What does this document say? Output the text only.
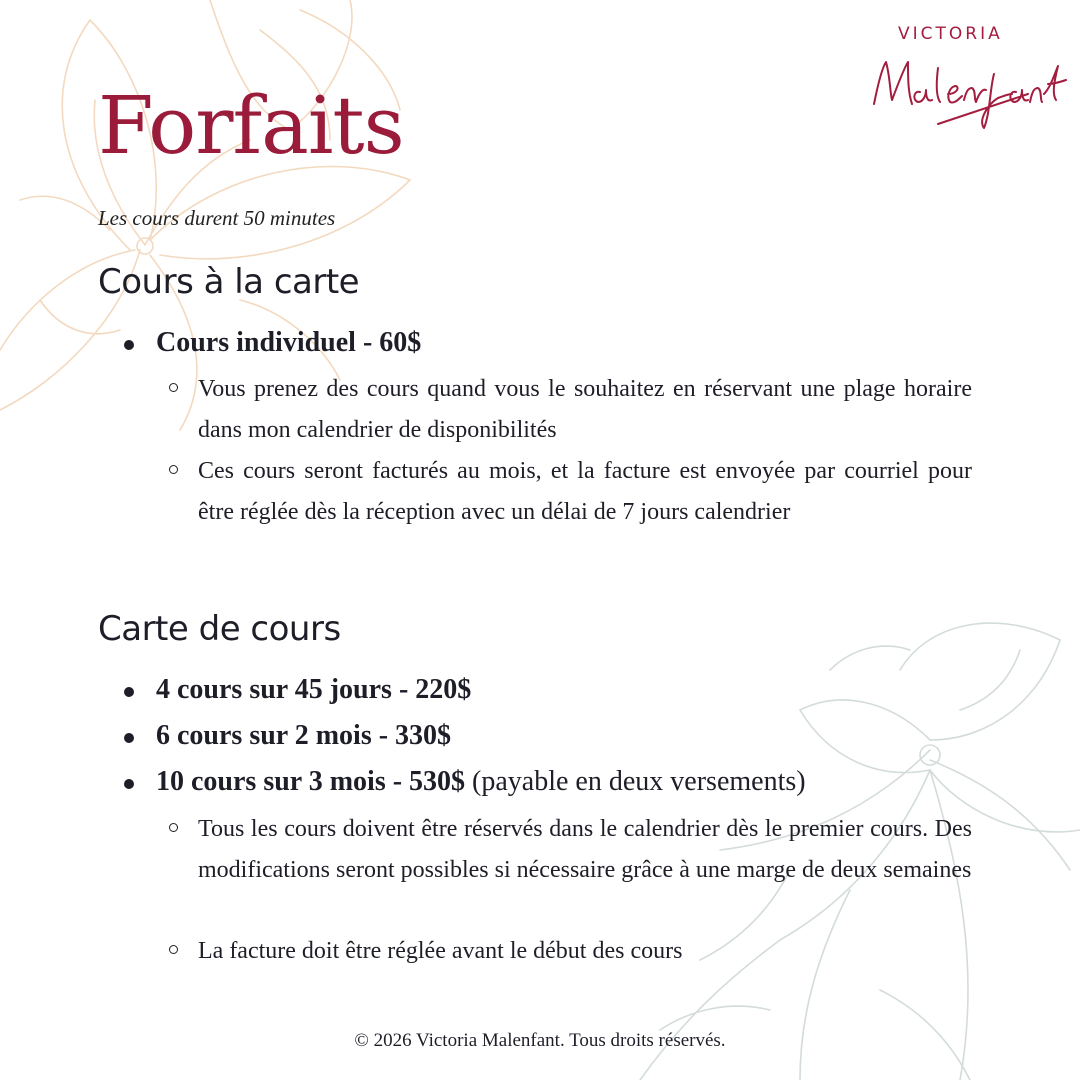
VICTORIA
Forfaits
Les cours durent 50 minutes
Cours à la carte
Cours individuel - 60$
Vous prenez des cours quand vous le souhaitez en réservant une plage horaire dans mon calendrier de disponibilités
Ces cours seront facturés au mois, et la facture est envoyée par courriel pour être réglée dès la réception avec un délai de 7 jours calendrier
Carte de cours
4 cours sur 45 jours - 220$
6 cours sur 2 mois - 330$
10 cours sur 3 mois - 530$ (payable en deux versements)
Tous les cours doivent être réservés dans le calendrier dès le premier cours. Des modifications seront possibles si nécessaire grâce à une marge de deux semaines
La facture doit être réglée avant le début des cours
© 2026 Victoria Malenfant. Tous droits réservés.
